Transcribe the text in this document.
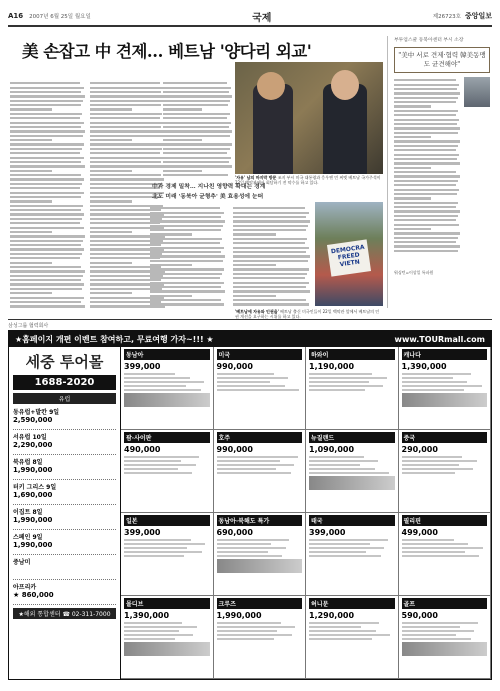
A16 2007년 6월 25일 월요일	국제	제26723호 중앙일보
美 손잡고 中 견제… 베트남 '양다리 외교'
'자유' 남의 마지막 방문 조지 부시 미국 대통령과 응우옌 민 찌엣 베트남 국가주석이 22일 백악관에서 회담하기 전 악수를 하고 있다.
中과 경제 밀착… 지나친 영향력 확대는 경계
北도 미래 '동북아 균형추' 美 효용성에 눈떠
DEMOCRA FREED VIETN
'베트남에 자유와 인권을' 베트남 출신 미국인들이 22일 백악관 앞에서 베트남의 인권 개선을 요구하는 시위를 하고 있다.
부투업스쿨 동북아센터 부시 소장
"美中 서로 견제·협력 韓美동맹도 균견해야"
워싱턴=이상일 특파원
삼성그룹 협력회사
★홈페이지 개편 이벤트 참여하고, 무료여행 가자~!!! ★	www.TOURmall.com
세중 투어몰
1688-2020
유럽
동유럽+발칸 9일
2,590,000
서유럽 10일
2,290,000
북유럽 8일
1,990,000
터키 그리스 9일
1,690,000
이집트 8일
1,990,000
스페인 9일
1,990,000
중남미
아프리카
★ 860,000
★해외 통합센터 ☎ 02-311-7000
동남아
399,000
미국
990,000
하와이
1,190,000
캐나다
1,390,000
괌·사이판
490,000
호주
990,000
뉴질랜드
1,090,000
중국
290,000
일본
399,000
동남아·북해도 특가
690,000
태국
399,000
필리핀
499,000
몰디브
1,390,000
크루즈
1,990,000
허니문
1,290,000
골프
590,000
